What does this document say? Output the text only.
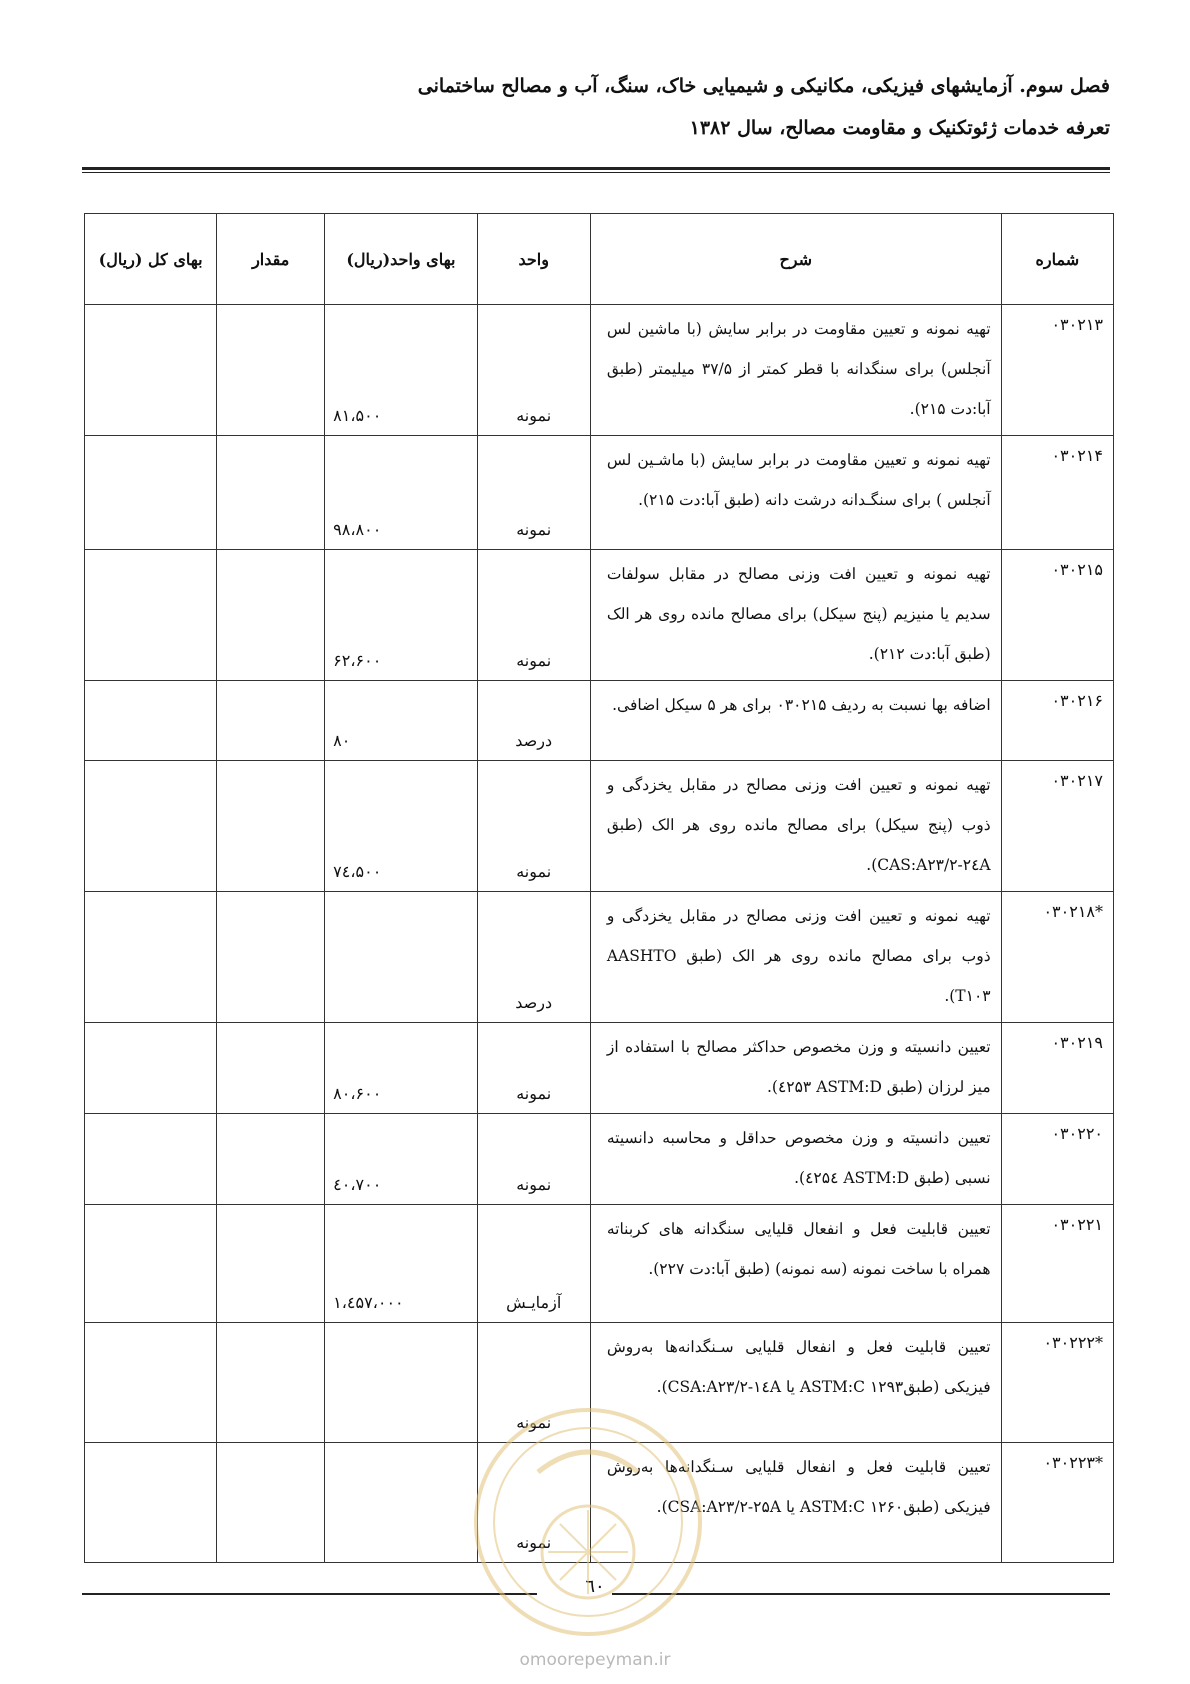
فصل سوم. آزمایشهای فیزیکی، مکانیکی و شیمیایی خاک، سنگ، آب و مصالح ساختمانی
تعرفه خدمات ژئوتکنیک و مقاومت مصالح، سال ۱۳۸۲
شماره	شرح	واحد	بهای واحد(ریال)	مقدار	بهای کل (ریال)
۰۳۰۲۱۳	تهیه نمونه و تعیین مقاومت در برابر سایش (با ماشین لس آنجلس) برای سنگدانه با قطر کمتر از ۳۷/۵ میلیمتر (طبق آبا:دت ۲۱۵).	نمونه	۸۱،۵۰۰		
۰۳۰۲۱۴	تهیه نمونه و تعیین مقاومت در برابر سایش (با ماشـین لس آنجلس ) برای سنگـدانه درشت دانه (طبق آبا:دت ۲۱۵).	نمونه	۹۸،۸۰۰		
۰۳۰۲۱۵	تهیه نمونه و تعیین افت وزنی مصالح در مقابل سولفات سدیم یا منیزیم (پنج سیکل) برای مصالح مانده روی هر الک (طبق آبا:دت ۲۱۲).	نمونه	۶۲،۶۰۰		
۰۳۰۲۱۶	اضافه بها نسبت به ردیف ۰۳۰۲۱۵ برای هر ۵ سیکل اضافی.	درصد	۸۰		
۰۳۰۲۱۷	تهیه نمونه و تعیین افت وزنی مصالح در مقابل یخزدگی و ذوب (پنج سیکل) برای مصالح مانده روی هر الک (طبق CAS:A۲۳/۲-۲٤A).	نمونه	۷٤،۵۰۰		
*۰۳۰۲۱۸	تهیه نمونه و تعیین افت وزنی مصالح در مقابل یخزدگی و ذوب برای مصالح مانده روی هر الک (طبق AASHTO T۱۰۳).	درصد			
۰۳۰۲۱۹	تعیین دانسیته و وزن مخصوص حداکثر مصالح با استفاده از میز لرزان (طبق ASTM:D ٤۲۵۳).	نمونه	۸۰،۶۰۰		
۰۳۰۲۲۰	تعیین دانسیته و وزن مخصوص حداقل و محاسبه دانسیته نسبی (طبق ASTM:D ٤۲۵٤).	نمونه	٤۰،۷۰۰		
۰۳۰۲۲۱	تعیین قابلیت فعل و انفعال قلیایی سنگدانه های کربناته همراه با ساخت نمونه (سه نمونه) (طبق آبا:دت ۲۲۷).	آزمایـش	۱،٤۵۷،۰۰۰		
*۰۳۰۲۲۲	تعیین قابلیت فعل و انفعال قلیایی سـنگدانه‌ها به‌روش فیزیکی (طبق۱۲۹۳ ASTM:C یا CSA:A۲۳/۲-۱٤A).	نمونه			
*۰۳۰۲۲۳	تعیین قابلیت فعل و انفعال قلیایی سـنگدانه‌ها به‌روش فیزیکی (طبق۱۲۶۰ ASTM:C یا CSA:A۲۳/۲-۲۵A).	نمونه			
٦٠
omoorepeyman.ir
